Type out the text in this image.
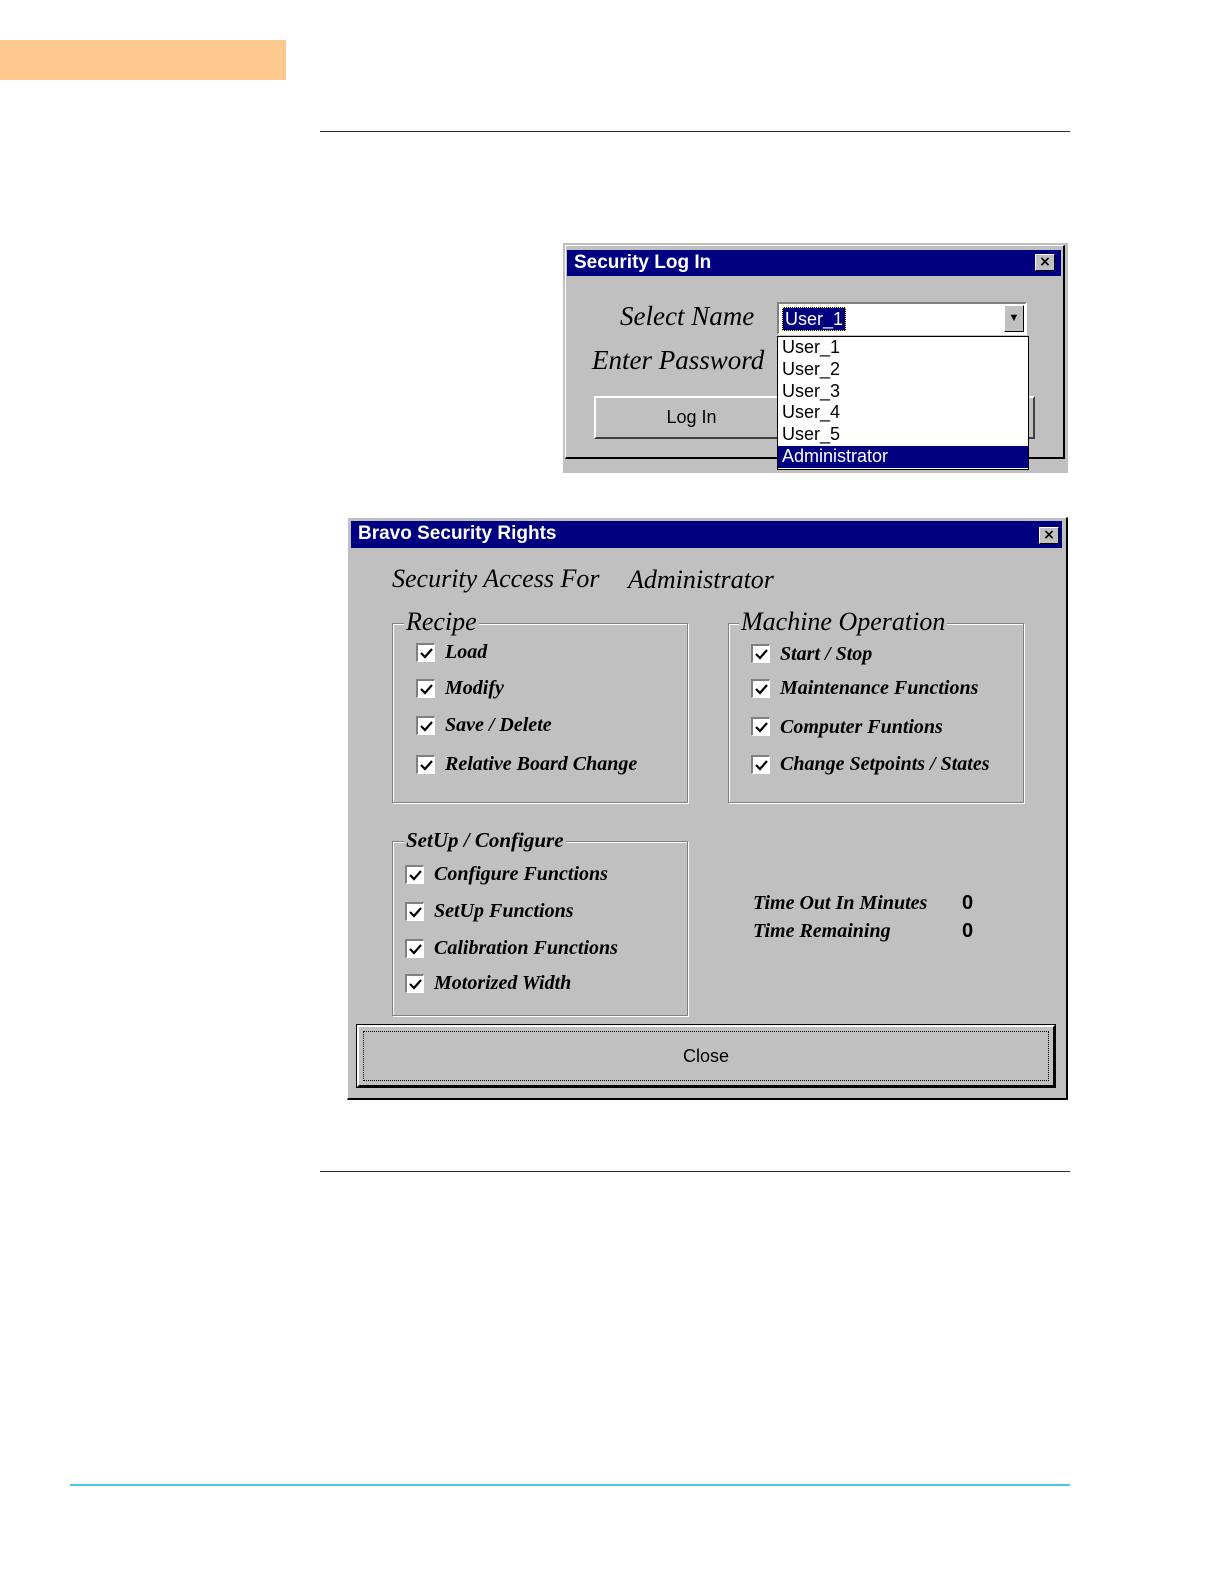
Security Log In	×
Select Name
Enter Password
User_1	▼
Log In
User_1
User_2
User_3
User_4
User_5
Administrator
Bravo Security Rights	×
Security Access For Administrator
Recipe
Load
Modify
Save / Delete
Relative Board Change
Machine Operation
Start / Stop
Maintenance Functions
Computer Funtions
Change Setpoints / States
SetUp / Configure
Configure Functions
SetUp Functions
Calibration Functions
Motorized Width
Time Out In Minutes 0
Time Remaining	0
Close
